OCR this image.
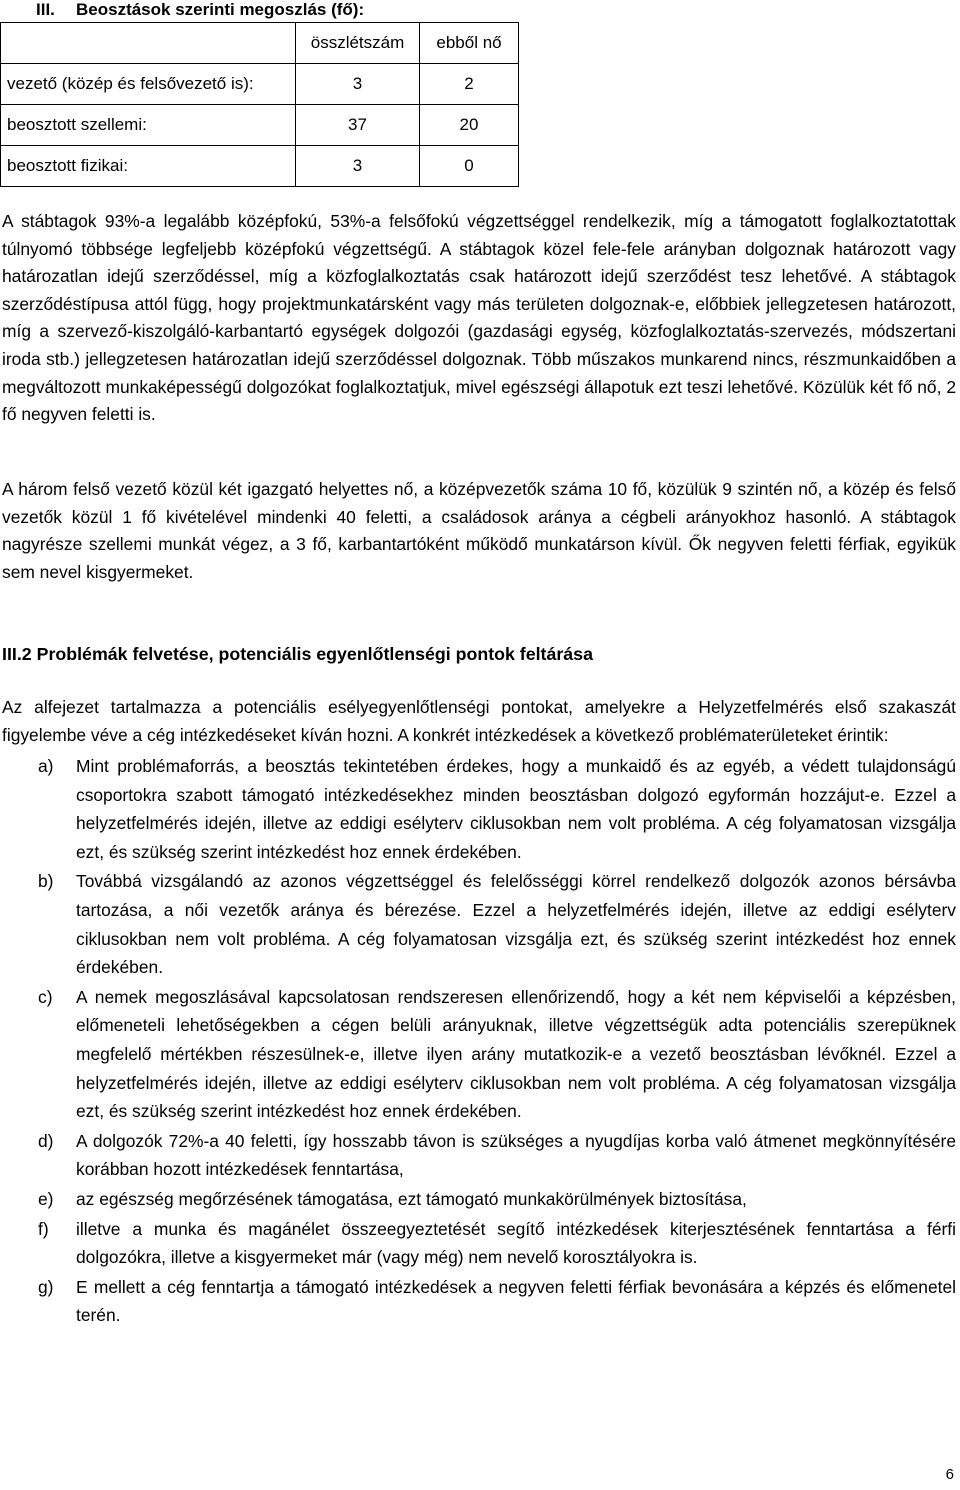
III. Beosztások szerinti megoszlás (fő):
	összlétszám	ebből nő
vezető (közép és felsővezető is):	3	2
beosztott szellemi:	37	20
beosztott fizikai:	3	0

A stábtagok 93%-a legalább középfokú, 53%-a felsőfokú végzettséggel rendelkezik, míg a támogatott foglalkoztatottak túlnyomó többsége legfeljebb középfokú végzettségű. A stábtagok közel fele-fele arányban dolgoznak határozott vagy határozatlan idejű szerződéssel, míg a közfoglalkoztatás csak határozott idejű szerződést tesz lehetővé. A stábtagok szerződéstípusa attól függ, hogy projektmunkatársként vagy más területen dolgoznak-e, előbbiek jellegzetesen határozott, míg a szervező-kiszolgáló-karbantartó egységek dolgozói (gazdasági egység, közfoglalkoztatás-szervezés, módszertani iroda stb.) jellegzetesen határozatlan idejű szerződéssel dolgoznak. Több műszakos munkarend nincs, részmunkaidőben a megváltozott munkaképességű dolgozókat foglalkoztatjuk, mivel egészségi állapotuk ezt teszi lehetővé. Közülük két fő nő, 2 fő negyven feletti is.

A három felső vezető közül két igazgató helyettes nő, a középvezetők száma 10 fő, közülük 9 szintén nő, a közép és felső vezetők közül 1 fő kivételével mindenki 40 feletti, a családosok aránya a cégbeli arányokhoz hasonló. A stábtagok nagyrésze szellemi munkát végez, a 3 fő, karbantartóként működő munkatárson kívül. Ők negyven feletti férfiak, egyikük sem nevel kisgyermeket.

III.2 Problémák felvetése, potenciális egyenlőtlenségi pontok feltárása

Az alfejezet tartalmazza a potenciális esélyegyenlőtlenségi pontokat, amelyekre a Helyzetfelmérés első szakaszát figyelembe véve a cég intézkedéseket kíván hozni. A konkrét intézkedések a következő problématerületeket érintik:

a) Mint problémaforrás, a beosztás tekintetében érdekes, hogy a munkaidő és az egyéb, a védett tulajdonságú csoportokra szabott támogató intézkedésekhez minden beosztásban dolgozó egyformán hozzájut-e. Ezzel a helyzetfelmérés idején, illetve az eddigi esélyterv ciklusokban nem volt probléma. A cég folyamatosan vizsgálja ezt, és szükség szerint intézkedést hoz ennek érdekében.
b) Továbbá vizsgálandó az azonos végzettséggel és felelősséggi körrel rendelkező dolgozók azonos bérsávba tartozása, a női vezetők aránya és bérezése. Ezzel a helyzetfelmérés idején, illetve az eddigi esélyterv ciklusokban nem volt probléma. A cég folyamatosan vizsgálja ezt, és szükség szerint intézkedést hoz ennek érdekében.
c) A nemek megoszlásával kapcsolatosan rendszeresen ellenőrizendő, hogy a két nem képviselői a képzésben, előmeneteli lehetőségekben a cégen belüli arányuknak, illetve végzettségük adta potenciális szerepüknek megfelelő mértékben részesülnek-e, illetve ilyen arány mutatkozik-e a vezető beosztásban lévőknél. Ezzel a helyzetfelmérés idején, illetve az eddigi esélyterv ciklusokban nem volt probléma. A cég folyamatosan vizsgálja ezt, és szükség szerint intézkedést hoz ennek érdekében.
d) A dolgozók 72%-a 40 feletti, így hosszabb távon is szükséges a nyugdíjas korba való átmenet megkönnyítésére korábban hozott intézkedések fenntartása,
e) az egészség megőrzésének támogatása, ezt támogató munkakörülmények biztosítása,
f) illetve a munka és magánélet összeegyeztetését segítő intézkedések kiterjesztésének fenntartása a férfi dolgozókra, illetve a kisgyermeket már (vagy még) nem nevelő korosztályokra is.
g) E mellett a cég fenntartja a támogató intézkedések a negyven feletti férfiak bevonására a képzés és előmenetel terén.
6
